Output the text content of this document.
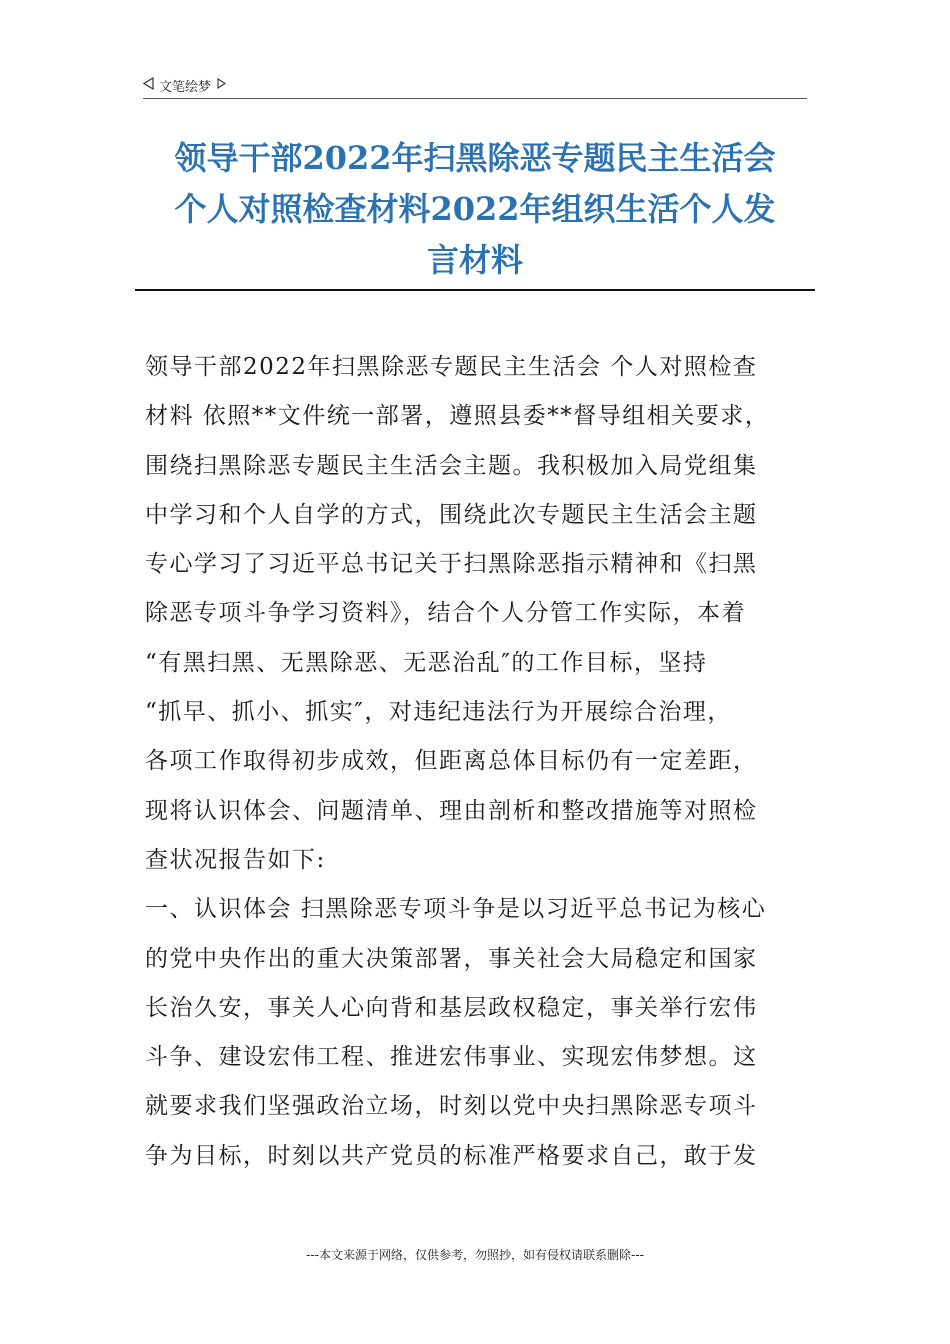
文笔绘梦
领导干部2022年扫黑除恶专题民主生活会
个人对照检查材料2022年组织生活个人发
言材料
领导干部2022年扫黑除恶专题民主生活会 个人对照检查
材料 依照**文件统一部署，遵照县委**督导组相关要求，
围绕扫黑除恶专题民主生活会主题。我积极加入局党组集
中学习和个人自学的方式，围绕此次专题民主生活会主题
专心学习了习近平总书记关于扫黑除恶指示精神和《扫黑
除恶专项斗争学习资料》，结合个人分管工作实际，本着
“有黑扫黑、无黑除恶、无恶治乱″的工作目标，坚持
“抓早、抓小、抓实″，对违纪违法行为开展综合治理，
各项工作取得初步成效，但距离总体目标仍有一定差距，
现将认识体会、问题清单、理由剖析和整改措施等对照检
查状况报告如下:
一、认识体会 扫黑除恶专项斗争是以习近平总书记为核心
的党中央作出的重大决策部署，事关社会大局稳定和国家
长治久安，事关人心向背和基层政权稳定，事关举行宏伟
斗争、建设宏伟工程、推进宏伟事业、实现宏伟梦想。这
就要求我们坚强政治立场，时刻以党中央扫黑除恶专项斗
争为目标，时刻以共产党员的标准严格要求自己，敢于发
---本文来源于网络，仅供参考，勿照抄，如有侵权请联系删除---
